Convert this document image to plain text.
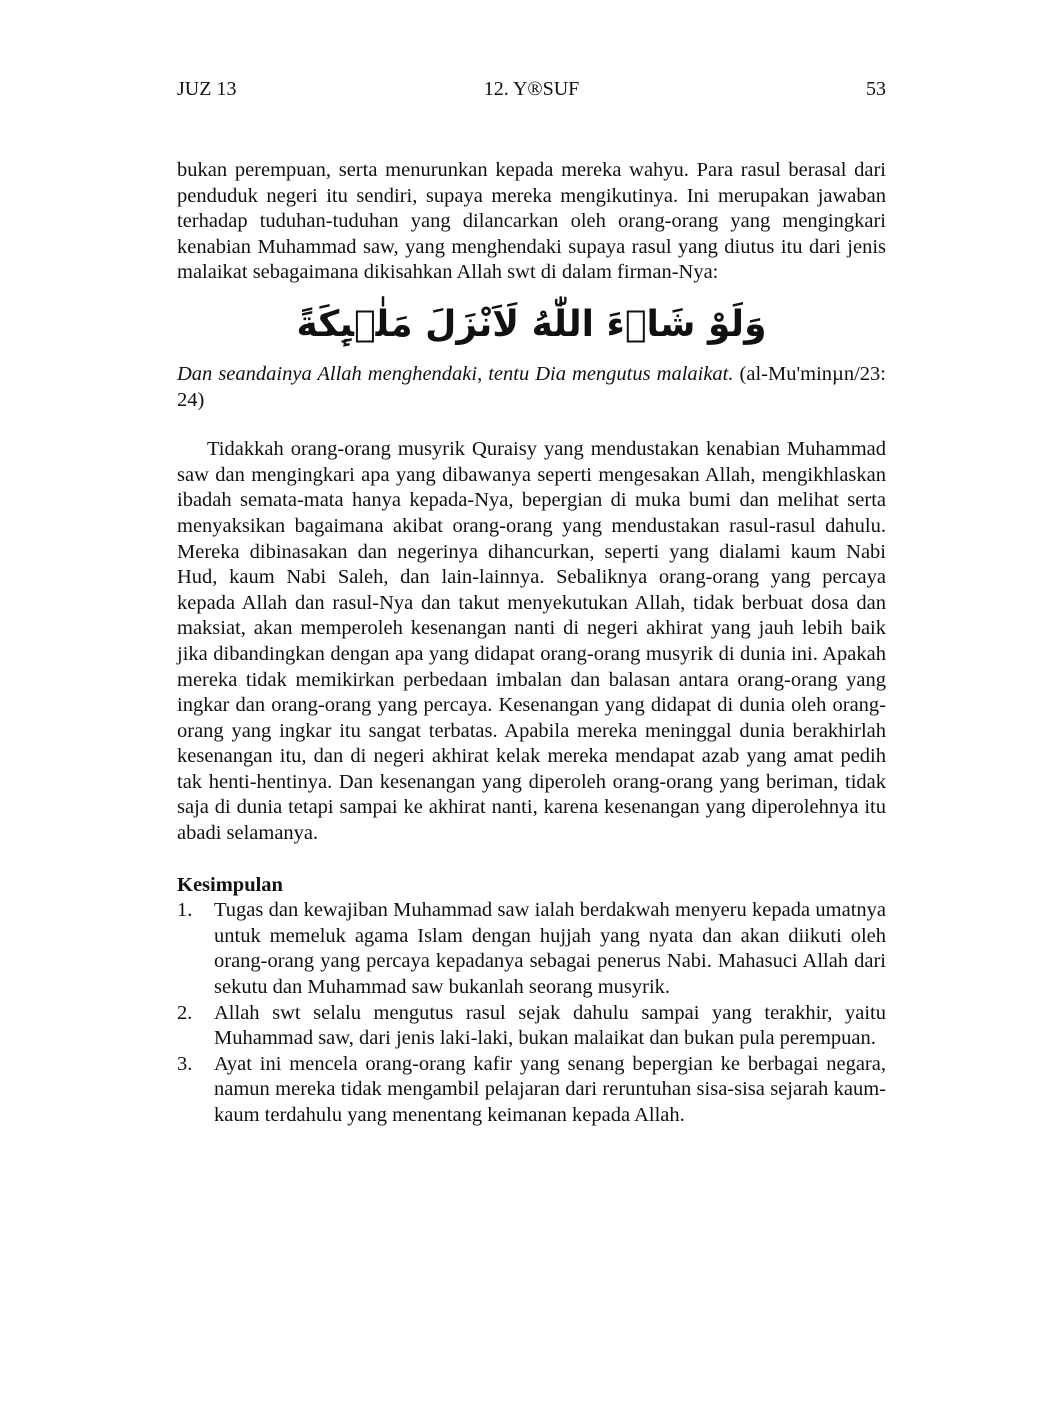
JUZ 13	12. Y®SUF	53

bukan perempuan, serta menurunkan kepada mereka wahyu. Para rasul berasal dari penduduk negeri itu sendiri, supaya mereka mengikutinya. Ini merupakan jawaban terhadap tuduhan-tuduhan yang dilancarkan oleh orang-orang yang mengingkari kenabian Muhammad saw, yang menghendaki supaya rasul yang diutus itu dari jenis malaikat sebagaimana dikisahkan Allah swt di dalam firman-Nya:

وَلَوْ شَاۤءَ اللّٰهُ لَاَنْزَلَ مَلٰۤىِٕكَةً

Dan seandainya Allah menghendaki, tentu Dia mengutus malaikat. (al-Mu'minµn/23: 24)

Tidakkah orang-orang musyrik Quraisy yang mendustakan kenabian Muhammad saw dan mengingkari apa yang dibawanya seperti mengesakan Allah, mengikhlaskan ibadah semata-mata hanya kepada-Nya, bepergian di muka bumi dan melihat serta menyaksikan bagaimana akibat orang-orang yang mendustakan rasul-rasul dahulu. Mereka dibinasakan dan negerinya dihancurkan, seperti yang dialami kaum Nabi Hud, kaum Nabi Saleh, dan lain-lainnya. Sebaliknya orang-orang yang percaya kepada Allah dan rasul-Nya dan takut menyekutukan Allah, tidak berbuat dosa dan maksiat, akan memperoleh kesenangan nanti di negeri akhirat yang jauh lebih baik jika dibandingkan dengan apa yang didapat orang-orang musyrik di dunia ini. Apakah mereka tidak memikirkan perbedaan imbalan dan balasan antara orang-orang yang ingkar dan orang-orang yang percaya. Kesenangan yang didapat di dunia oleh orang-orang yang ingkar itu sangat terbatas. Apabila mereka meninggal dunia berakhirlah kesenangan itu, dan di negeri akhirat kelak mereka mendapat azab yang amat pedih tak henti-hentinya. Dan kesenangan yang diperoleh orang-orang yang beriman, tidak saja di dunia tetapi sampai ke akhirat nanti, karena kesenangan yang diperolehnya itu abadi selamanya.

Kesimpulan

1. Tugas dan kewajiban Muhammad saw ialah berdakwah menyeru kepada umatnya untuk memeluk agama Islam dengan hujjah yang nyata dan akan diikuti oleh orang-orang yang percaya kepadanya sebagai penerus Nabi. Mahasuci Allah dari sekutu dan Muhammad saw bukanlah seorang musyrik.
2. Allah swt selalu mengutus rasul sejak dahulu sampai yang terakhir, yaitu Muhammad saw, dari jenis laki-laki, bukan malaikat dan bukan pula perempuan.
3. Ayat ini mencela orang-orang kafir yang senang bepergian ke berbagai negara, namun mereka tidak mengambil pelajaran dari reruntuhan sisa-sisa sejarah kaum-kaum terdahulu yang menentang keimanan kepada Allah.
